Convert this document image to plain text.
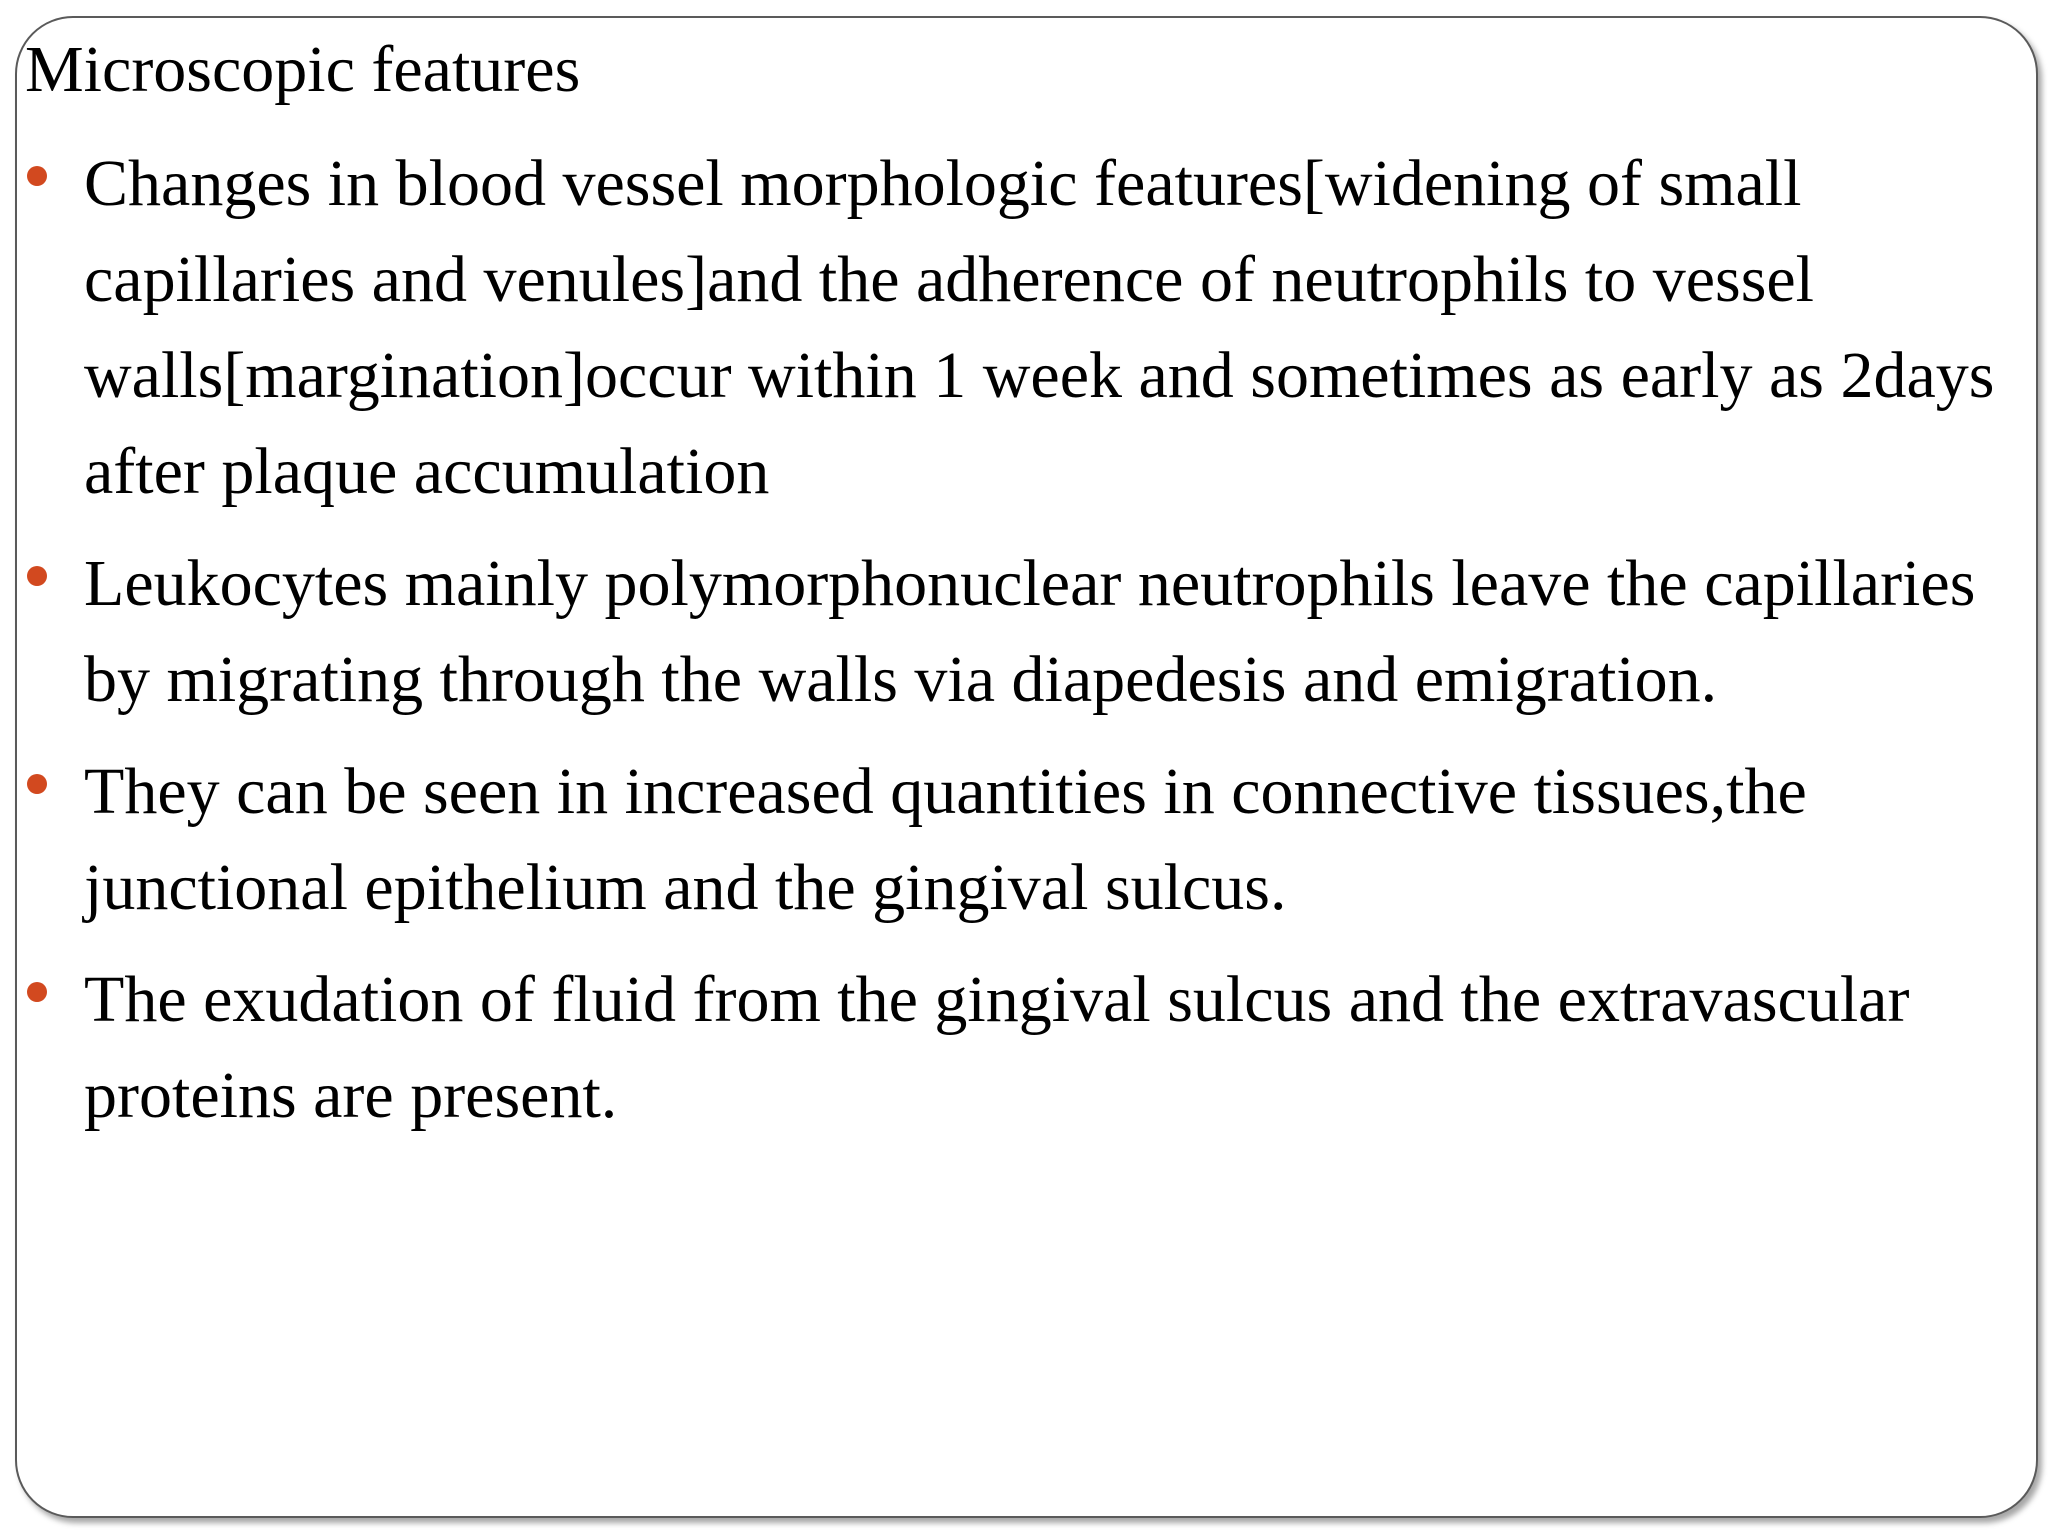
Microscopic features
Changes in blood vessel morphologic features[widening of small capillaries and venules]and the adherence of neutrophils to vessel walls[margination]occur within 1 week and sometimes as early as 2days after plaque accumulation
Leukocytes mainly polymorphonuclear neutrophils leave the capillaries by migrating through the walls via diapedesis and emigration.
They can be seen in increased quantities in connective tissues,the junctional epithelium and the gingival sulcus.
The exudation of fluid from the gingival sulcus and the extravascular proteins are present.
